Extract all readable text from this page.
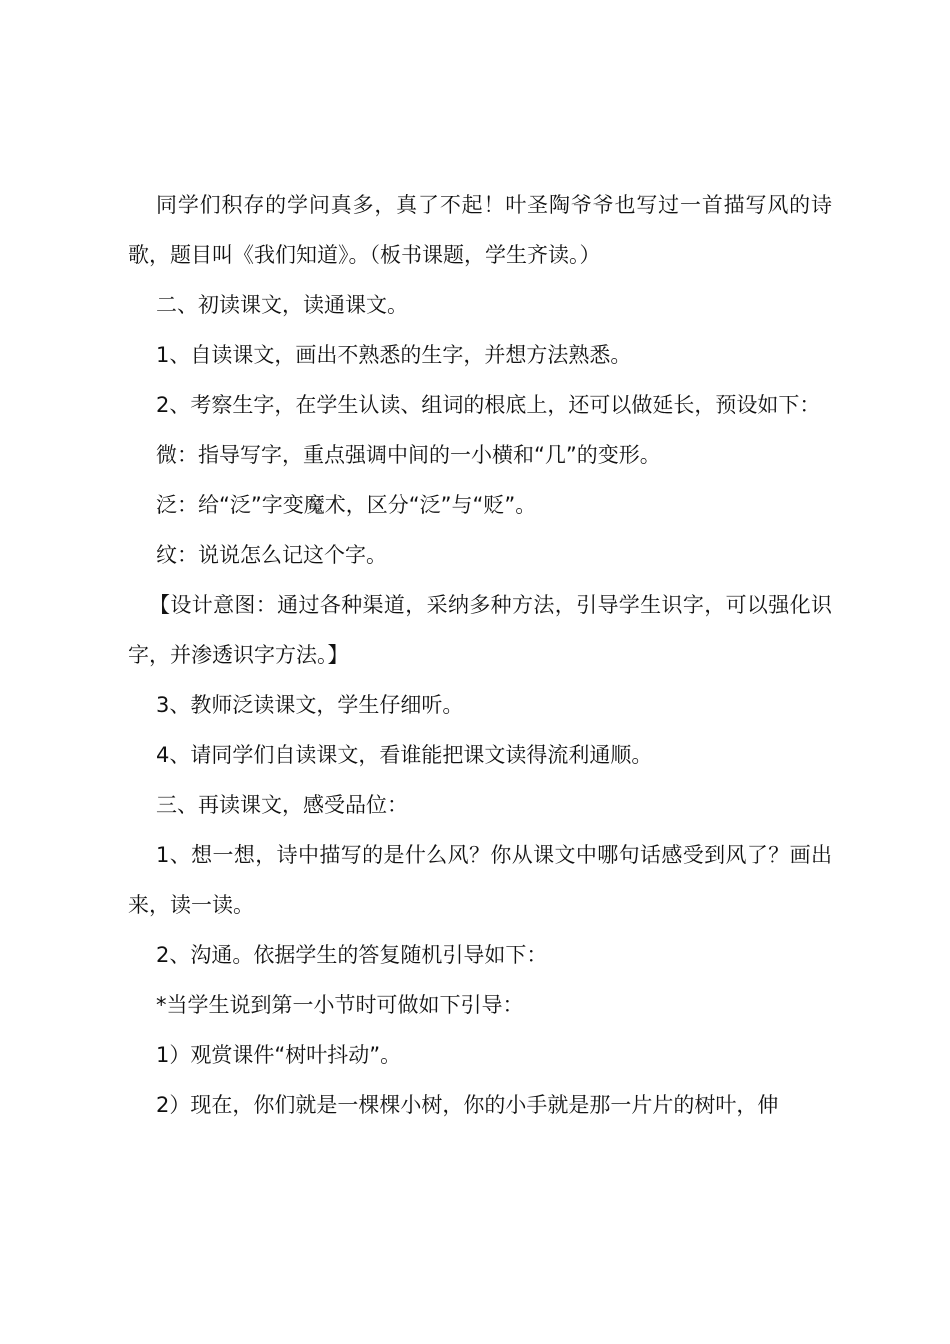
同学们积存的学问真多，真了不起！叶圣陶爷爷也写过一首描写风的诗歌，题目叫《我们知道》。（板书课题，学生齐读。）

二、初读课文，读通课文。

1、自读课文，画出不熟悉的生字，并想方法熟悉。

2、考察生字，在学生认读、组词的根底上，还可以做延长，预设如下：

微：指导写字，重点强调中间的一小横和“几”的变形。

泛：给“泛”字变魔术，区分“泛”与“贬”。

纹：说说怎么记这个字。

【设计意图：通过各种渠道，采纳多种方法，引导学生识字，可以强化识字，并渗透识字方法。】

3、教师泛读课文，学生仔细听。

4、请同学们自读课文，看谁能把课文读得流利通顺。

三、再读课文，感受品位：

1、想一想，诗中描写的是什么风？你从课文中哪句话感受到风了？画出来，读一读。

2、沟通。依据学生的答复随机引导如下：

*当学生说到第一小节时可做如下引导：

1）观赏课件“树叶抖动”。

2）现在，你们就是一棵棵小树，你的小手就是那一片片的树叶，伸
